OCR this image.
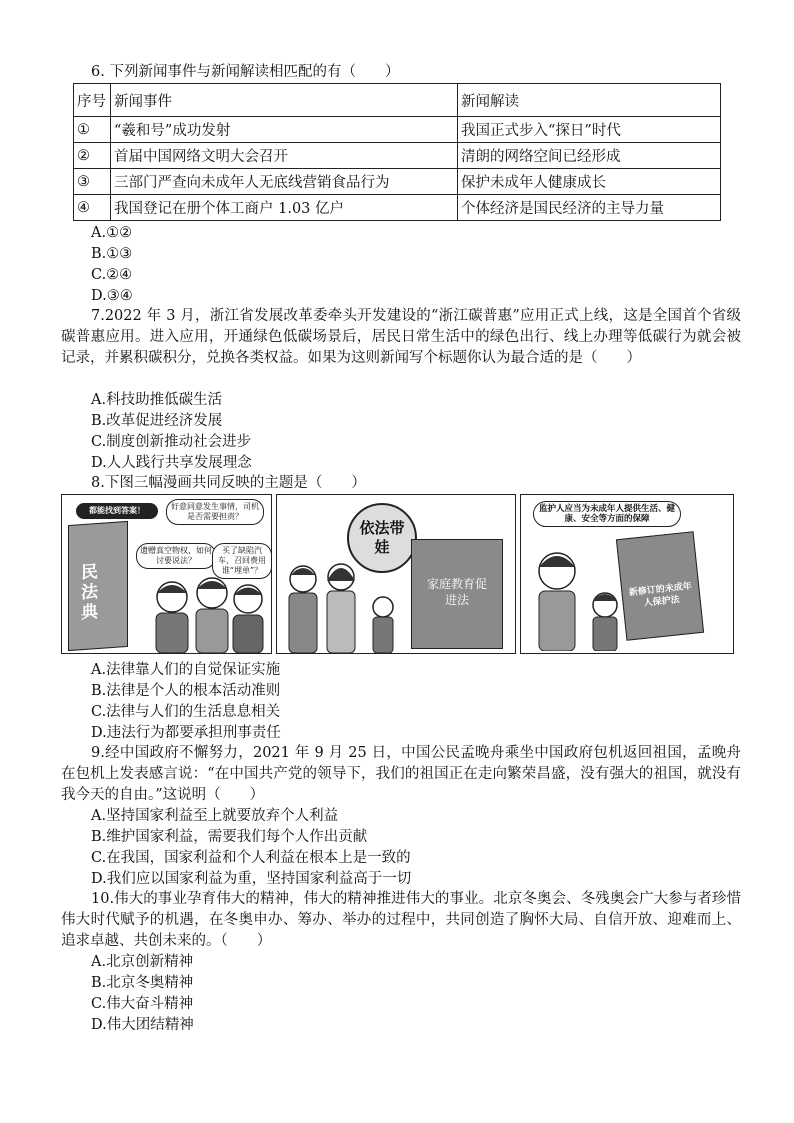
6. 下列新闻事件与新闻解读相匹配的有（　　）
序号	新闻事件	新闻解读
①	“羲和号”成功发射	我国正式步入“探日”时代
②	首届中国网络文明大会召开	清朗的网络空间已经形成
③	三部门严查向未成年人无底线营销食品行为	保护未成年人健康成长
④	我国登记在册个体工商户 1.03 亿户	个体经济是国民经济的主导力量
A.①②
B.①③
C.②④
D.③④
7.2022 年 3 月，浙江省发展改革委牵头开发建设的“浙江碳普惠”应用正式上线，这是全国首个省级碳普惠应用。进入应用，开通绿色低碳场景后，居民日常生活中的绿色出行、线上办理等低碳行为就会被记录，并累积碳积分，兑换各类权益。如果为这则新闻写个标题你认为最合适的是（　　）
A.科技助推低碳生活
B.改革促进经济发展
C.制度创新推动社会进步
D.人人践行共享发展理念
8.下图三幅漫画共同反映的主题是（　　）
都能找到答案！	好意同意发生事情，司机是否需要担责？
遗赠真空物权，如何讨要说法？
买了缺陷汽车，召回费用谁“埋单”？
民法典
依法带娃
家庭教育促进法
监护人应当为未成年人提供生活、健康、安全等方面的保障
新修订的未成年人保护法
A.法律靠人们的自觉保证实施
B.法律是个人的根本活动准则
C.法律与人们的生活息息相关
D.违法行为都要承担刑事责任
9.经中国政府不懈努力，2021 年 9 月 25 日，中国公民孟晚舟乘坐中国政府包机返回祖国，孟晚舟在包机上发表感言说：“在中国共产党的领导下，我们的祖国正在走向繁荣昌盛，没有强大的祖国，就没有我今天的自由。”这说明（　　）
A.坚持国家利益至上就要放弃个人利益
B.维护国家利益，需要我们每个人作出贡献
C.在我国，国家利益和个人利益在根本上是一致的
D.我们应以国家利益为重，坚持国家利益高于一切
10.伟大的事业孕育伟大的精神，伟大的精神推进伟大的事业。北京冬奥会、冬残奥会广大参与者珍惜伟大时代赋予的机遇，在冬奥申办、筹办、举办的过程中，共同创造了胸怀大局、自信开放、迎难而上、追求卓越、共创未来的。（　　）
A.北京创新精神
B.北京冬奥精神
C.伟大奋斗精神
D.伟大团结精神
